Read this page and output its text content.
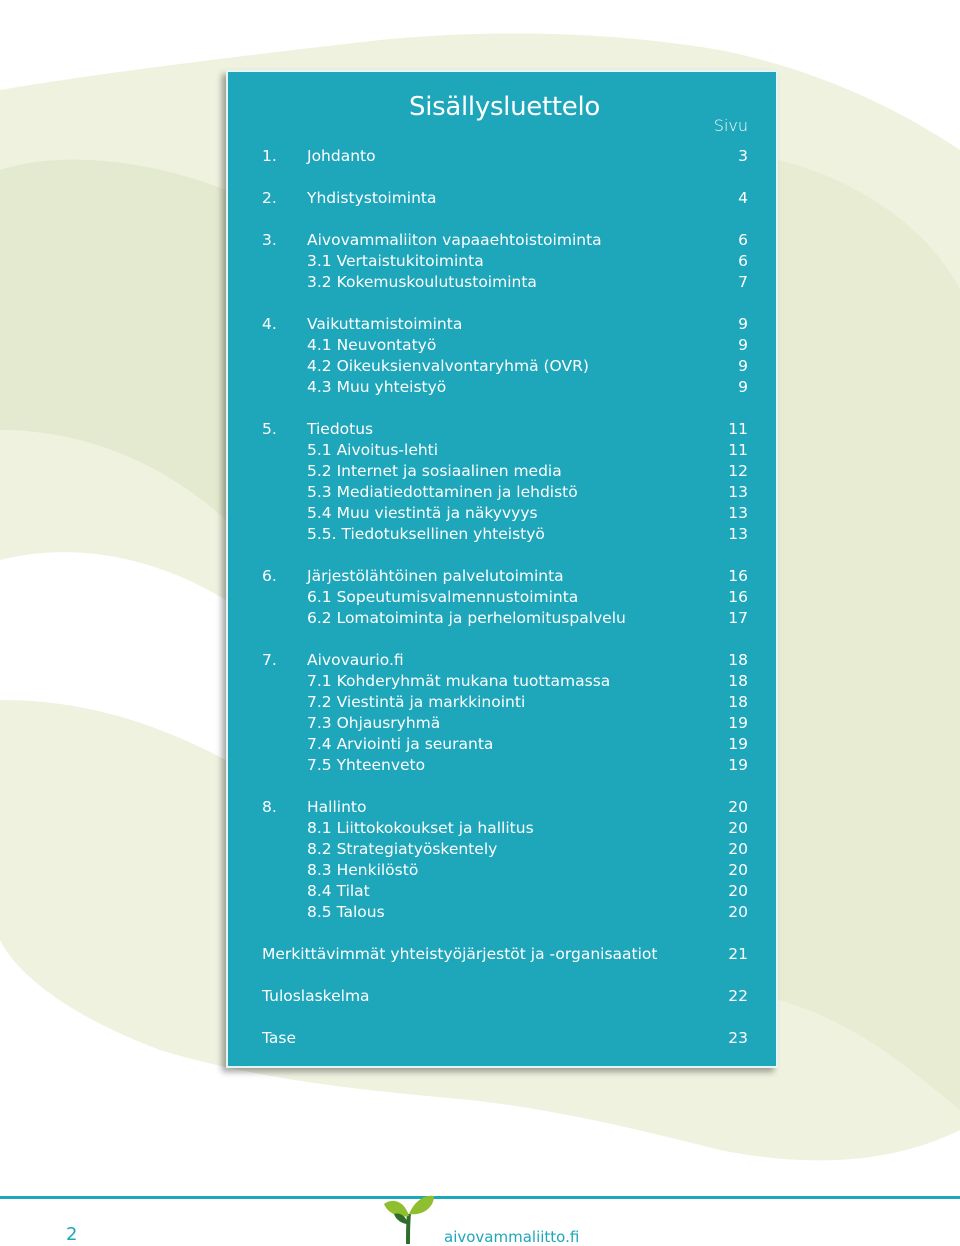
Sisällysluettelo
Sivu
1. Johdanto	3
2. Yhdistystoiminta	4
3. Aivovammaliiton vapaaehtoistoiminta	6
3.1 Vertaistukitoiminta	6
3.2 Kokemuskoulutustoiminta	7
4. Vaikuttamistoiminta	9
4.1 Neuvontatyö	9
4.2 Oikeuksienvalvontaryhmä (OVR)	9
4.3 Muu yhteistyö	9
5. Tiedotus	11
5.1 Aivoitus-lehti	11
5.2 Internet ja sosiaalinen media	12
5.3 Mediatiedottaminen ja lehdistö	13
5.4 Muu viestintä ja näkyvyys	13
5.5. Tiedotuksellinen yhteistyö	13
6. Järjestölähtöinen palvelutoiminta	16
6.1 Sopeutumisvalmennustoiminta	16
6.2 Lomatoiminta ja perhelomituspalvelu	17
7. Aivovaurio.fi	18
7.1 Kohderyhmät mukana tuottamassa	18
7.2 Viestintä ja markkinointi	18
7.3 Ohjausryhmä	19
7.4 Arviointi ja seuranta	19
7.5 Yhteenveto	19
8. Hallinto	20
8.1 Liittokokoukset ja hallitus	20
8.2 Strategiatyöskentely	20
8.3 Henkilöstö	20
8.4 Tilat	20
8.5 Talous	20
Merkittävimmät yhteistyöjärjestöt ja -organisaatiot	21
Tuloslaskelma	22
Tase	23
2	aivovammaliitto.fi
